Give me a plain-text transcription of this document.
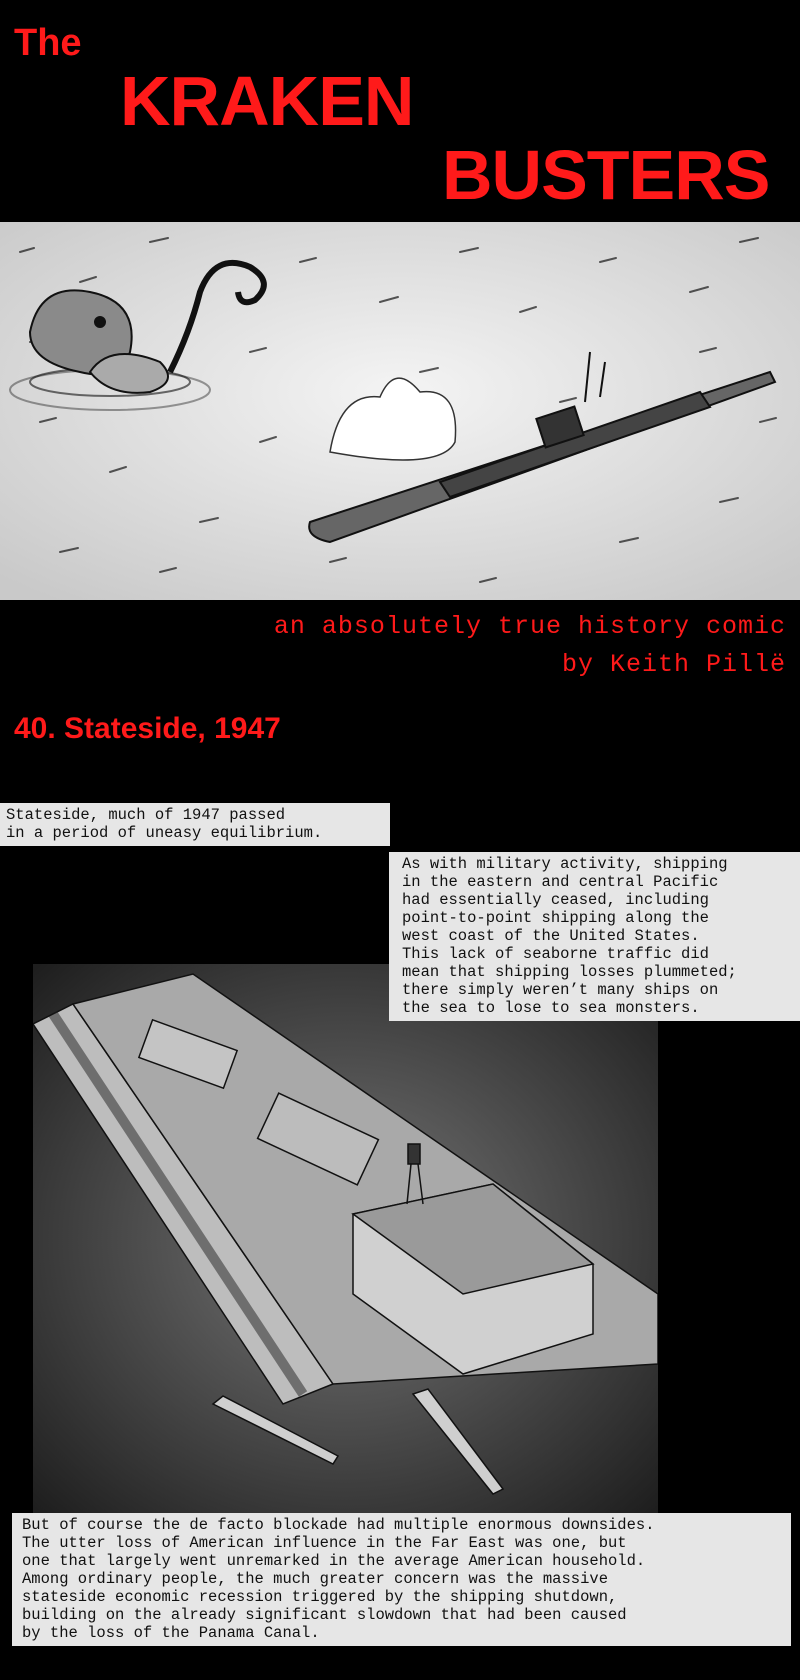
The
KRAKEN
BUSTERS
an absolutely true history comic
by Keith Pillë
40. Stateside, 1947
Stateside, much of 1947 passed
in a period of uneasy equilibrium.
As with military activity, shipping
in the eastern and central Pacific
had essentially ceased, including
point-to-point shipping along the
west coast of the United States.
This lack of seaborne traffic did
mean that shipping losses plummeted;
there simply weren’t many ships on
the sea to lose to sea monsters.
But of course the de facto blockade had multiple enormous downsides.
The utter loss of American influence in the Far East was one, but
one that largely went unremarked in the average American household.
Among ordinary people, the much greater concern was the massive
stateside economic recession triggered by the shipping shutdown,
building on the already significant slowdown that had been caused
by the loss of the Panama Canal.
